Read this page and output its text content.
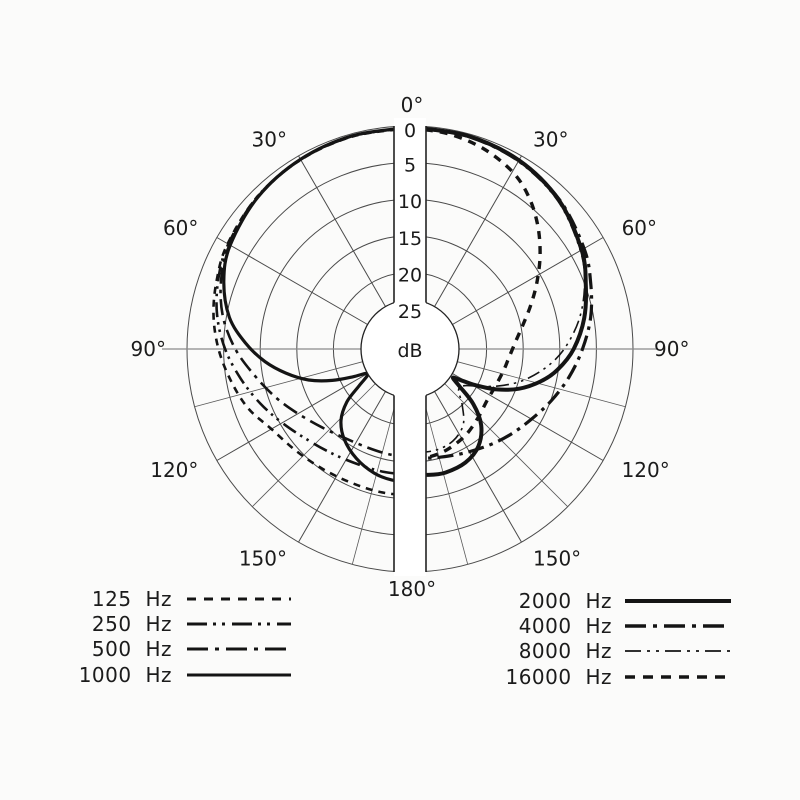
0
5
10
15
20
25
dB
0°
180°
30°	30°
60°	60°
90°	90°
120°	120°
150°	150°
125 Hz
250 Hz
500 Hz
1000 Hz
2000 Hz
4000 Hz
8000 Hz
16000 Hz
